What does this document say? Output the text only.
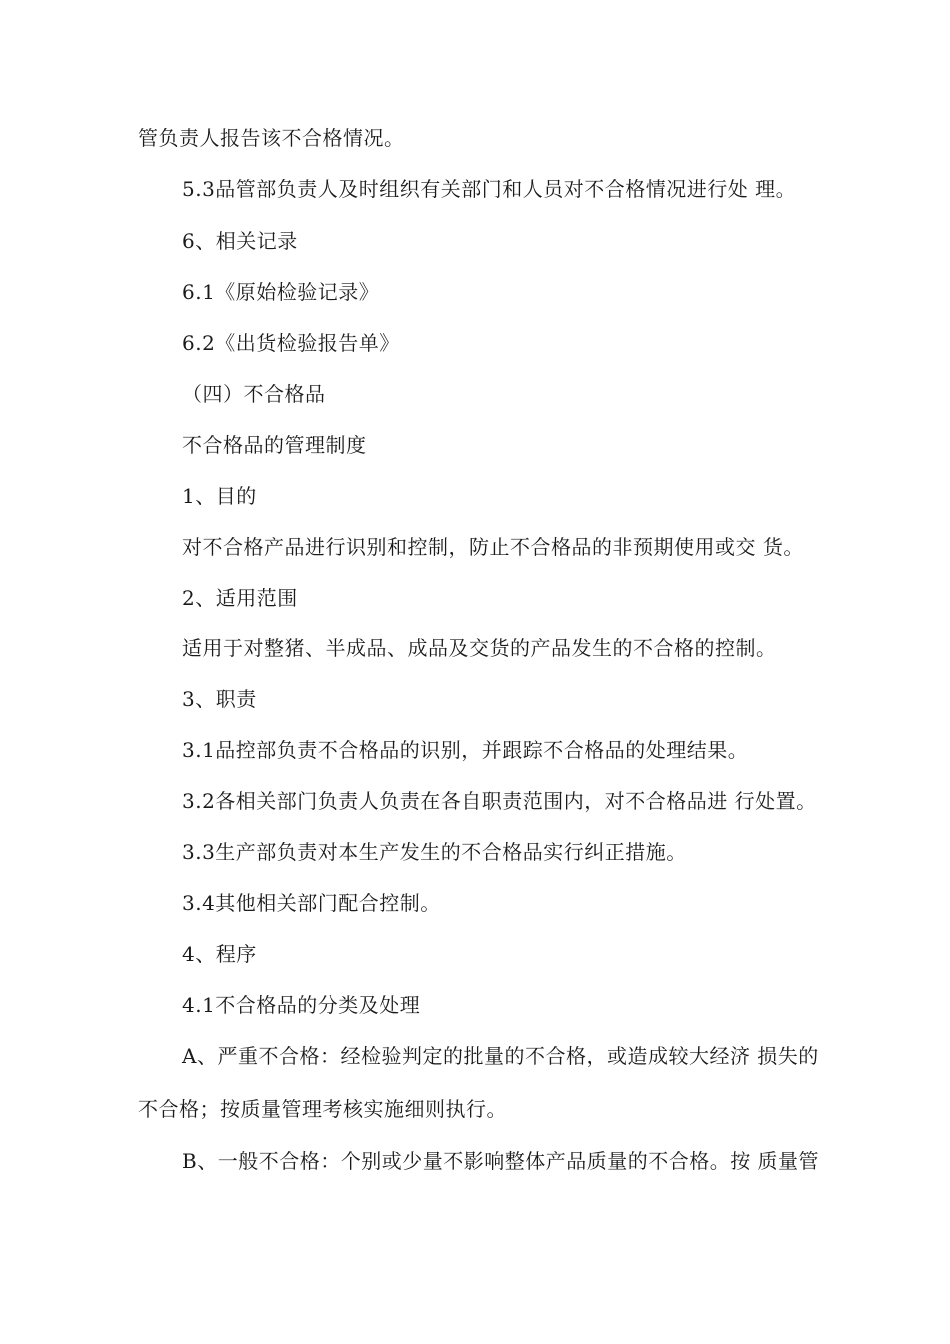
管负责人报告该不合格情况。

5.3品管部负责人及时组织有关部门和人员对不合格情况进行处 理。

6、相关记录

6.1《原始检验记录》

6.2《出货检验报告单》

（四）不合格品

不合格品的管理制度

1、目的

对不合格产品进行识别和控制，防止不合格品的非预期使用或交 货。

2、适用范围

适用于对整猪、半成品、成品及交货的产品发生的不合格的控制。

3、职责

3.1品控部负责不合格品的识别，并跟踪不合格品的处理结果。

3.2各相关部门负责人负责在各自职责范围内，对不合格品进 行处置。

3.3生产部负责对本生产发生的不合格品实行纠正措施。

3.4其他相关部门配合控制。

4、程序

4.1不合格品的分类及处理

A、严重不合格：经检验判定的批量的不合格，或造成较大经济 损失的

不合格；按质量管理考核实施细则执行。

B、一般不合格：个别或少量不影响整体产品质量的不合格。按 质量管
